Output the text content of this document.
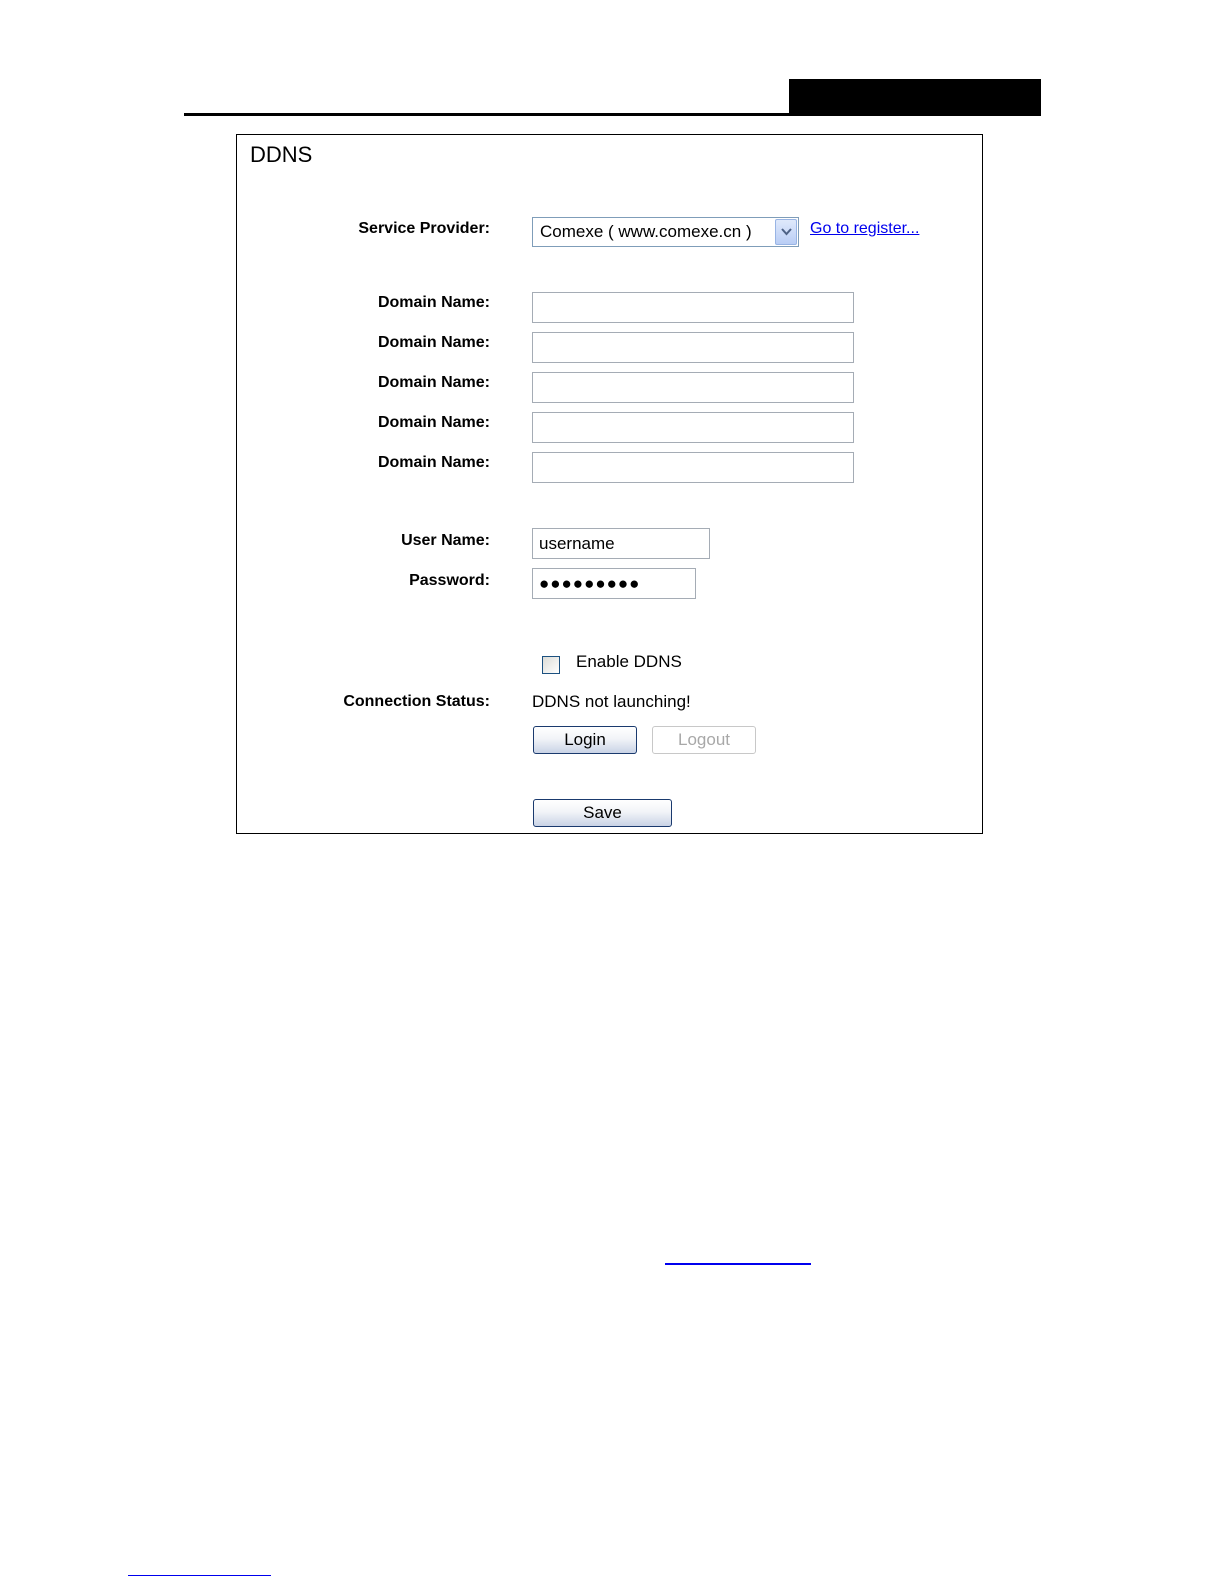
DDNS
Service Provider:	Comexe ( www.comexe.cn )	Go to register...
Domain Name:
Domain Name:
Domain Name:
Domain Name:
Domain Name:
User Name:
username
Password:
●●●●●●●●●
Enable DDNS
Connection Status: DDNS not launching!
Login	Logout
Save
